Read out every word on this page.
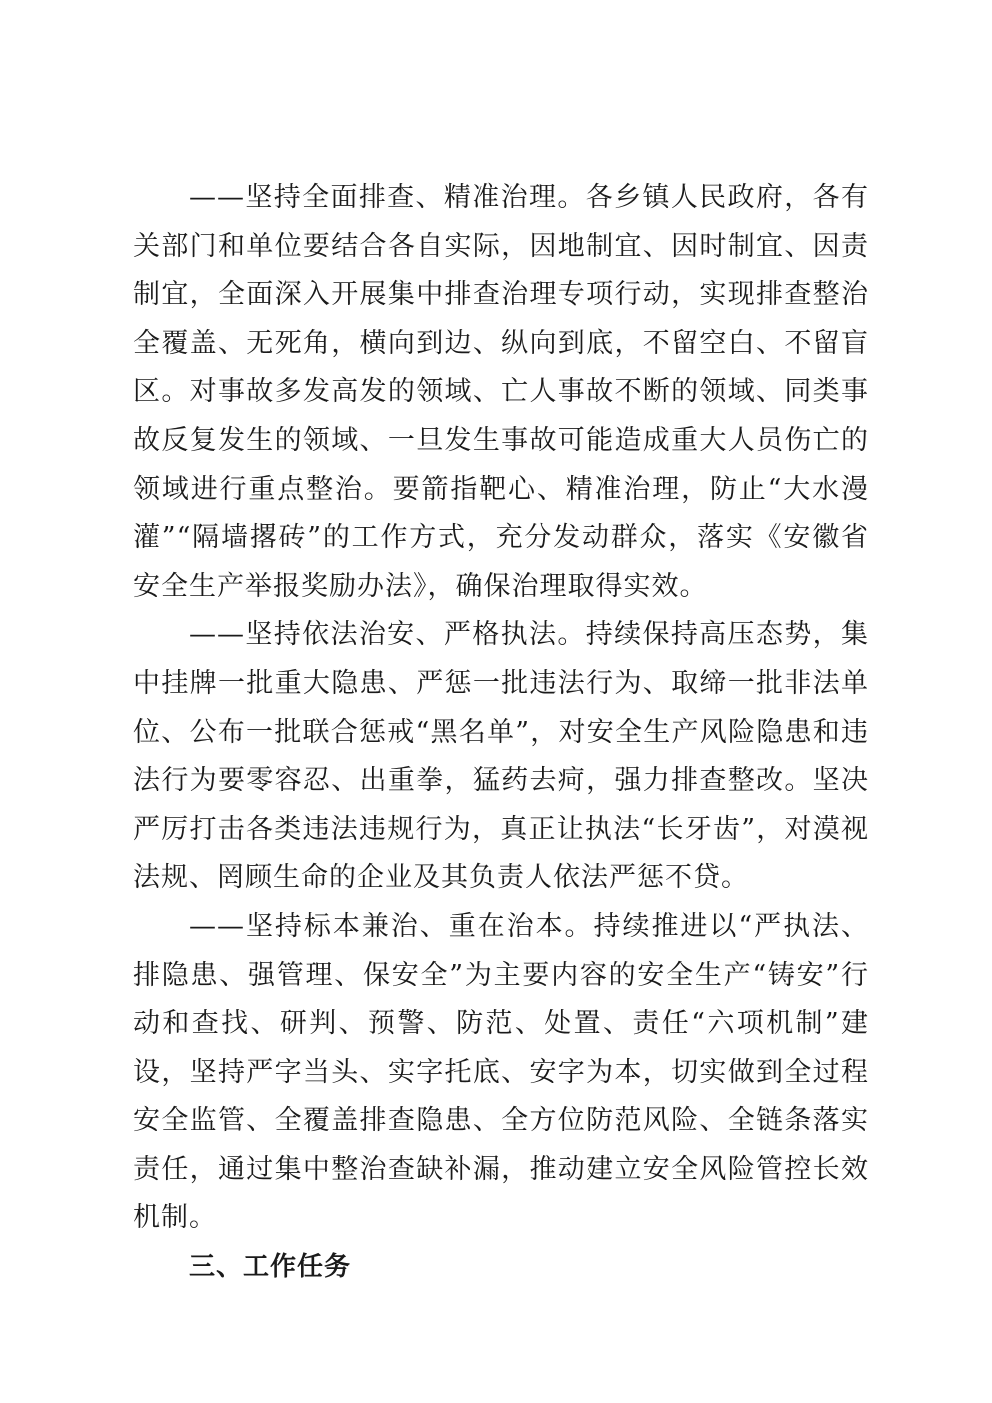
——坚持全面排查、精准治理。各乡镇人民政府，各有关部门和单位要结合各自实际，因地制宜、因时制宜、因责制宜，全面深入开展集中排查治理专项行动，实现排查整治全覆盖、无死角，横向到边、纵向到底，不留空白、不留盲区。对事故多发高发的领域、亡人事故不断的领域、同类事故反复发生的领域、一旦发生事故可能造成重大人员伤亡的领域进行重点整治。要箭指靶心、精准治理，防止“大水漫灌”“隔墙撂砖”的工作方式，充分发动群众，落实《安徽省安全生产举报奖励办法》，确保治理取得实效。

——坚持依法治安、严格执法。持续保持高压态势，集中挂牌一批重大隐患、严惩一批违法行为、取缔一批非法单位、公布一批联合惩戒“黑名单”，对安全生产风险隐患和违法行为要零容忍、出重拳，猛药去疴，强力排查整改。坚决严厉打击各类违法违规行为，真正让执法“长牙齿”，对漠视法规、罔顾生命的企业及其负责人依法严惩不贷。

——坚持标本兼治、重在治本。持续推进以“严执法、排隐患、强管理、保安全”为主要内容的安全生产“铸安”行动和查找、研判、预警、防范、处置、责任“六项机制”建设，坚持严字当头、实字托底、安字为本，切实做到全过程安全监管、全覆盖排查隐患、全方位防范风险、全链条落实责任，通过集中整治查缺补漏，推动建立安全风险管控长效机制。

三、工作任务
